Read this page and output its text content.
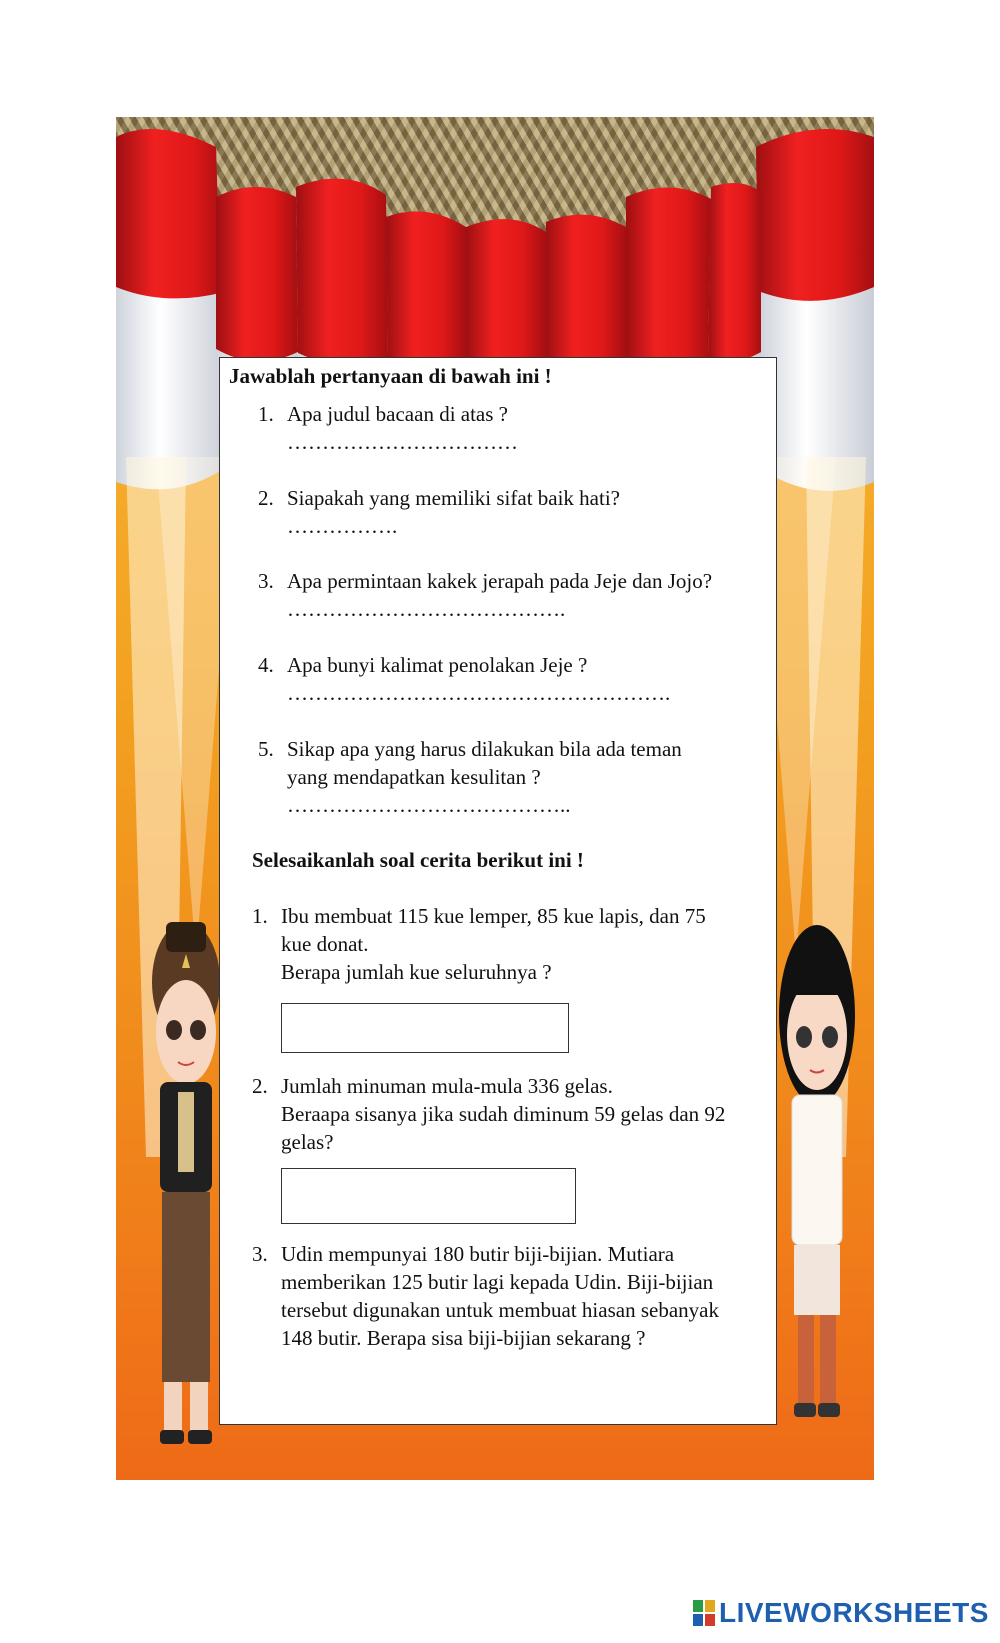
Jawablah pertanyaan di bawah ini !
1. Apa judul bacaan di atas ?
……………………………
2. Siapakah yang memiliki sifat baik hati?
…………….
3. Apa permintaan kakek jerapah pada Jeje dan Jojo?
………………………………….
4. Apa bunyi kalimat penolakan Jeje ?
……………………………………………….
5. Sikap apa yang harus dilakukan bila ada teman
yang mendapatkan kesulitan ?
…………………………………..
Selesaikanlah soal cerita berikut ini !
1. Ibu membuat 115 kue lemper, 85 kue lapis, dan 75
kue donat.
Berapa jumlah kue seluruhnya ?
2. Jumlah minuman mula-mula 336 gelas.
Beraapa sisanya jika sudah diminum 59 gelas dan 92
gelas?
3. Udin mempunyai 180 butir biji-bijian. Mutiara
memberikan 125 butir lagi kepada Udin. Biji-bijian
tersebut digunakan untuk membuat hiasan sebanyak
148 butir. Berapa sisa biji-bijian sekarang ?
LIVEWORKSHEETS
